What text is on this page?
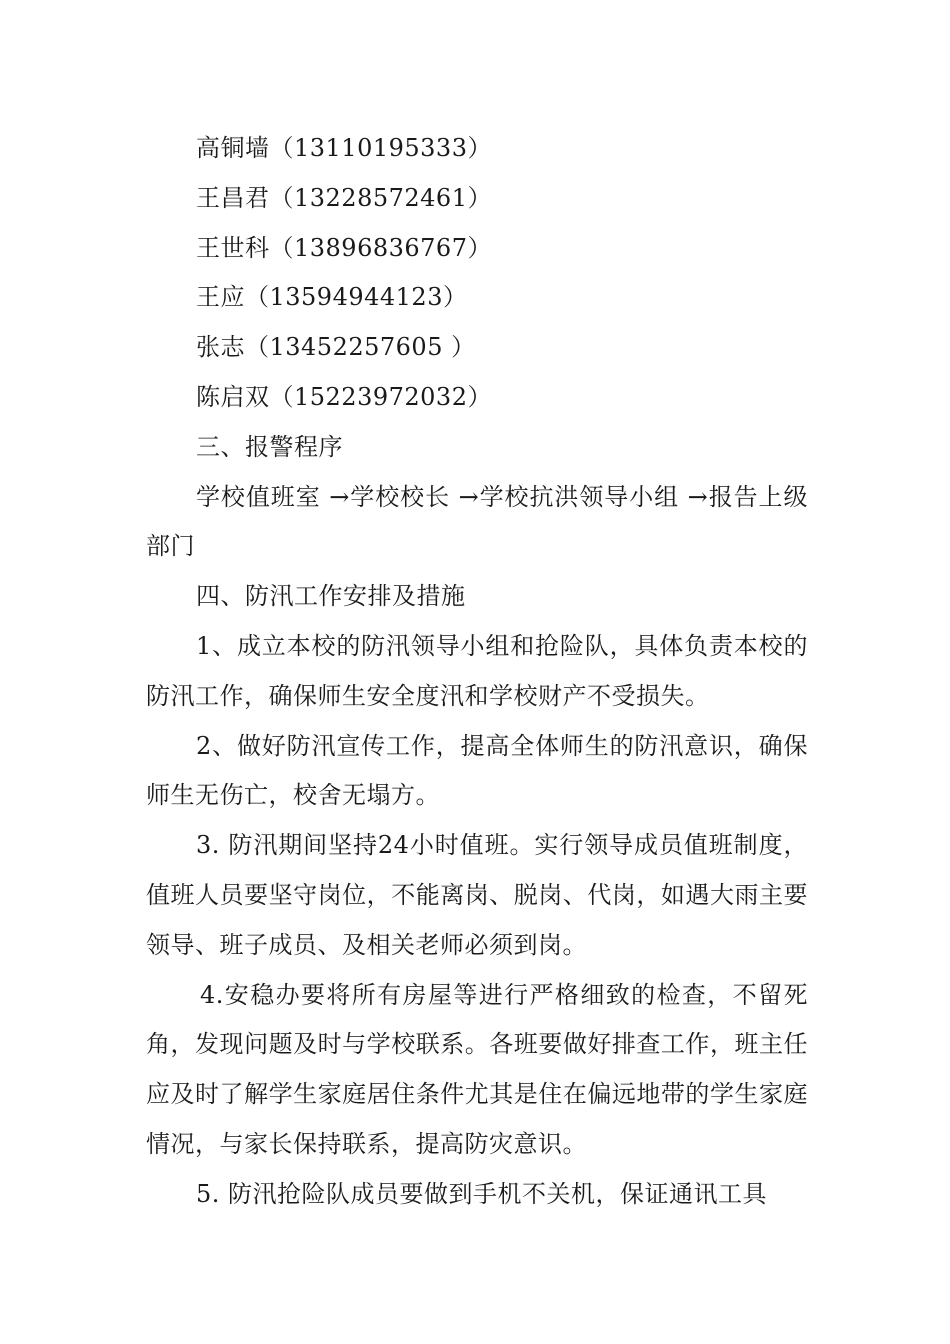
高铜墙（13110195333）
王昌君（13228572461）
王世科（13896836767）
王应（13594944123）
张志（13452257605 ）
陈启双（15223972032）
三、报警程序

学校值班室 →学校校长 →学校抗洪领导小组 →报告上级部门

四、防汛工作安排及措施

1、成立本校的防汛领导小组和抢险队，具体负责本校的防汛工作，确保师生安全度汛和学校财产不受损失。

2、做好防汛宣传工作，提高全体师生的防汛意识，确保师生无伤亡，校舍无塌方。

3. 防汛期间坚持24小时值班。实行领导成员值班制度，值班人员要坚守岗位，不能离岗、脱岗、代岗，如遇大雨主要领导、班子成员、及相关老师必须到岗。

4.安稳办要将所有房屋等进行严格细致的检查，不留死角，发现问题及时与学校联系。各班要做好排查工作，班主任应及时了解学生家庭居住条件尤其是住在偏远地带的学生家庭情况，与家长保持联系，提高防灾意识。

5. 防汛抢险队成员要做到手机不关机，保证通讯工具
